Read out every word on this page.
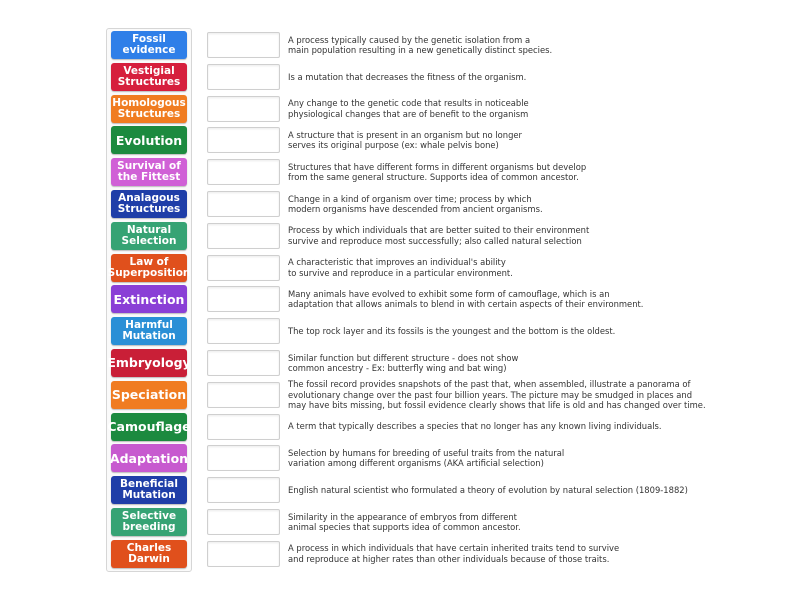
Fossil evidence
Vestigial Structures
Homologous Structures
Evolution
Survival of the Fittest
Analagous Structures
Natural Selection
Law of Superposition
Extinction
Harmful Mutation
Embryology
Speciation
Camouflage
Adaptation
Beneficial Mutation
Selective breeding
Charles Darwin
A process typically caused by the genetic isolation from a
main population resulting in a new genetically distinct species.
Is a mutation that decreases the fitness of the organism.
Any change to the genetic code that results in noticeable
physiological changes that are of benefit to the organism
A structure that is present in an organism but no longer
serves its original purpose (ex: whale pelvis bone)
Structures that have different forms in different organisms but develop
from the same general structure. Supports idea of common ancestor.
Change in a kind of organism over time; process by which
modern organisms have descended from ancient organisms.
Process by which individuals that are better suited to their environment
survive and reproduce most successfully; also called natural selection
A characteristic that improves an individual's ability
to survive and reproduce in a particular environment.
Many animals have evolved to exhibit some form of camouflage, which is an
adaptation that allows animals to blend in with certain aspects of their environment.
The top rock layer and its fossils is the youngest and the bottom is the oldest.
Similar function but different structure - does not show
common ancestry - Ex: butterfly wing and bat wing)
The fossil record provides snapshots of the past that, when assembled, illustrate a panorama of
evolutionary change over the past four billion years. The picture may be smudged in places and
may have bits missing, but fossil evidence clearly shows that life is old and has changed over time.
A term that typically describes a species that no longer has any known living individuals.
Selection by humans for breeding of useful traits from the natural
variation among different organisms (AKA artificial selection)
English natural scientist who formulated a theory of evolution by natural selection (1809-1882)
Similarity in the appearance of embryos from different
animal species that supports idea of common ancestor.
A process in which individuals that have certain inherited traits tend to survive
and reproduce at higher rates than other individuals because of those traits.
